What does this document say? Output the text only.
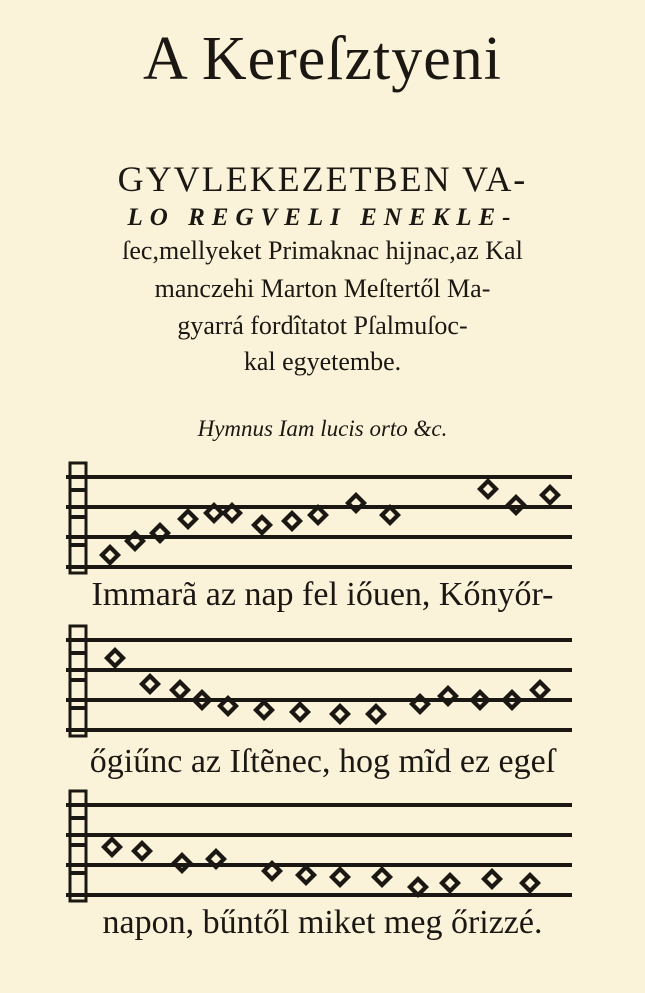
A Kereſztyeni
GYVLEKEZETBEN VA-
LO REGVELI ENEKLE-
ſec,mellyeket Primaknac hijnac,az Kal
manczehi Marton Meſtertől Ma-
gyarrá fordîtatot Pſalmuſoc-
kal egyetembe.
Hymnus Iam lucis orto &c.
Immarã az nap fel iőuen, Kőnyőr-
őgiűnc az Iſtẽnec, hog mĩd ez egeſ
napon, bűntől miket meg őrizzé.
